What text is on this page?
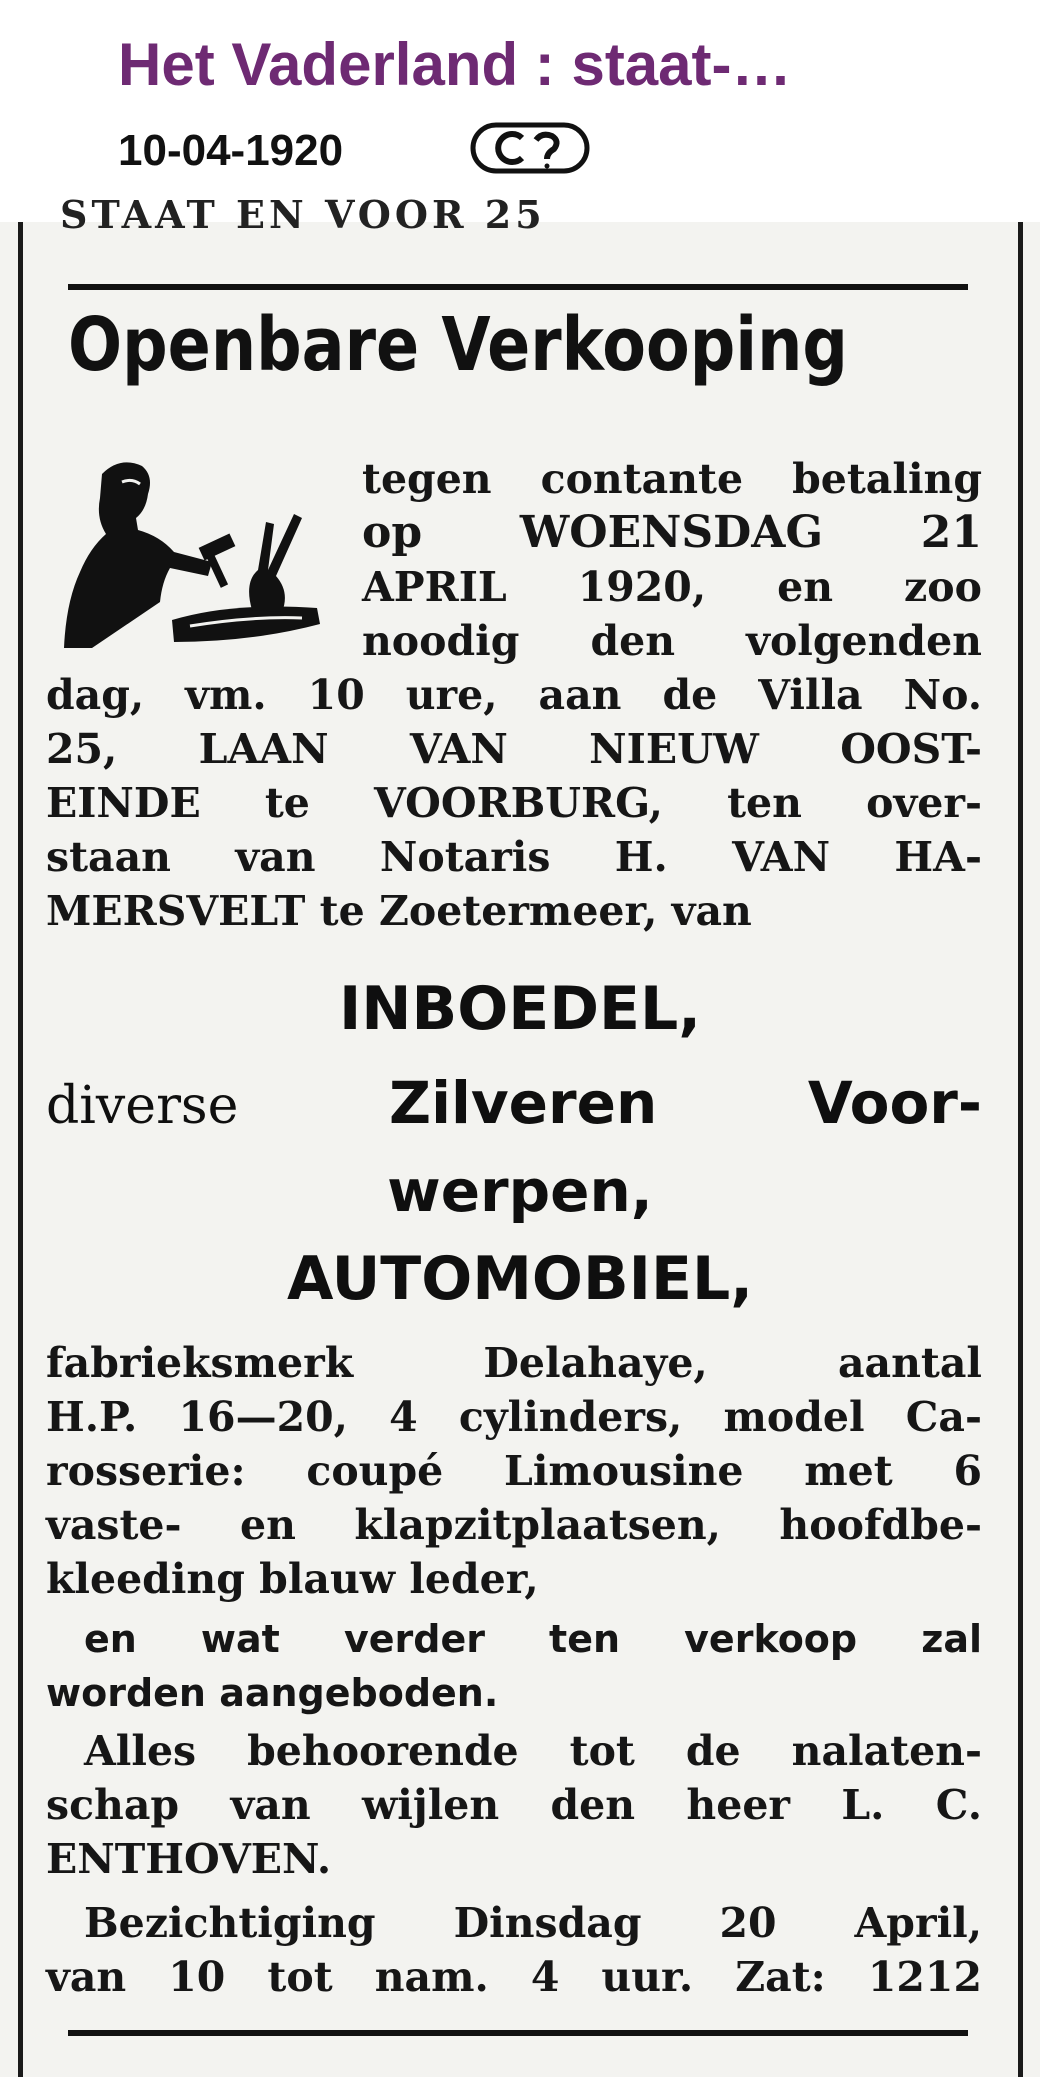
Het Vaderland : staat-…
10-04-1920
STAAT EN VOOR 25
Openbare Verkooping
tegen contante betaling
op WOENSDAG 21
APRIL 1920, en zoo
noodig den volgenden
dag, vm. 10 ure, aan de Villa No.
25, LAAN VAN NIEUW OOST-
EINDE te VOORBURG, ten over-
staan van Notaris H. VAN HA-
MERSVELT te Zoetermeer, van
INBOEDEL,
diverse	Zilveren Voor-
werpen,
AUTOMOBIEL,
fabrieksmerk Delahaye, aantal
H.P. 16—20, 4 cylinders, model Ca-
rosserie: coupé Limousine met 6
vaste- en klapzitplaatsen, hoofdbe-
kleeding blauw leder,
en wat verder ten verkoop zal
worden aangeboden.
Alles behoorende tot de nalaten-
schap van wijlen den heer L. C.
ENTHOVEN.
Bezichtiging Dinsdag 20 April,
van 10 tot nam. 4 uur. Zat: 1212
